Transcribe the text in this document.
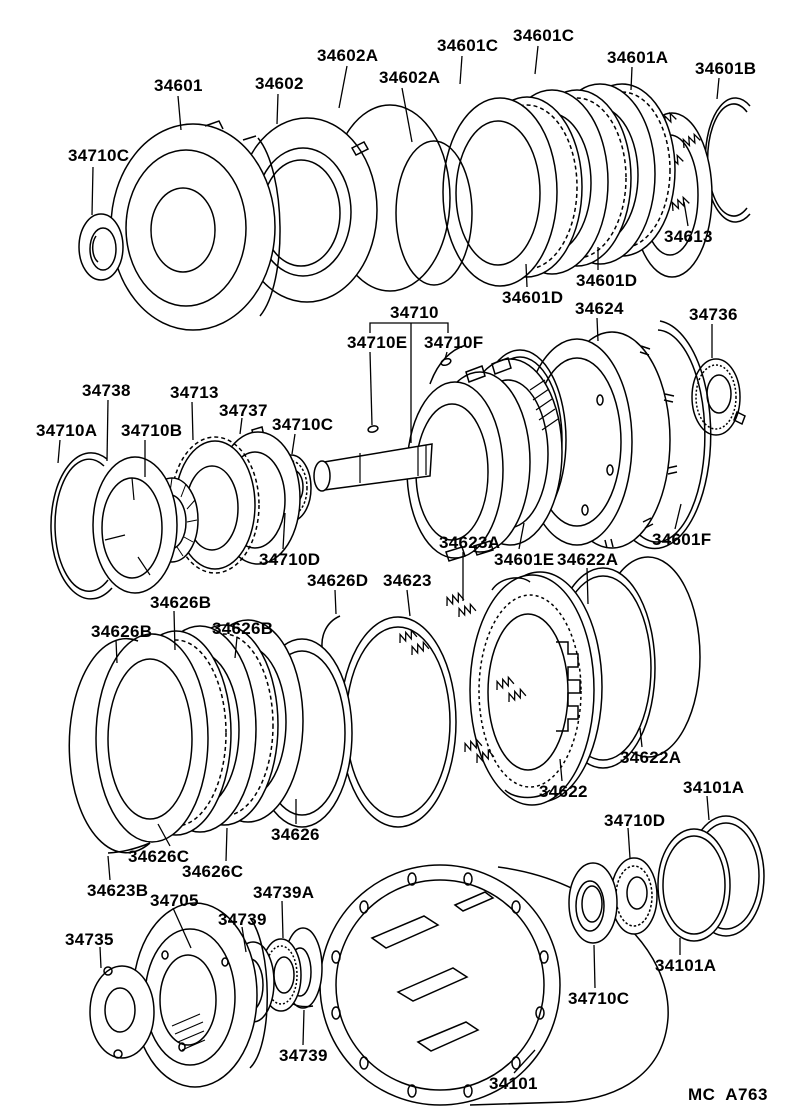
34710C
34601	34602
34602A
34602A
34601C
34601C
34601A
34601B
34613
34601D
34601D
34710
34710E 34710F
34624	34736
34738 34713
34737
34710A 34710B	34710C
34710D
34623A
34601E 34622A
34601F
34626D 34623
34626B
34626B	34626B
34626
34626C
34626C
34623B
34705
34739
34739A
34735
34622A
34622	34101A
34710D
34739
34101
34710C
34101A
MC  A763
